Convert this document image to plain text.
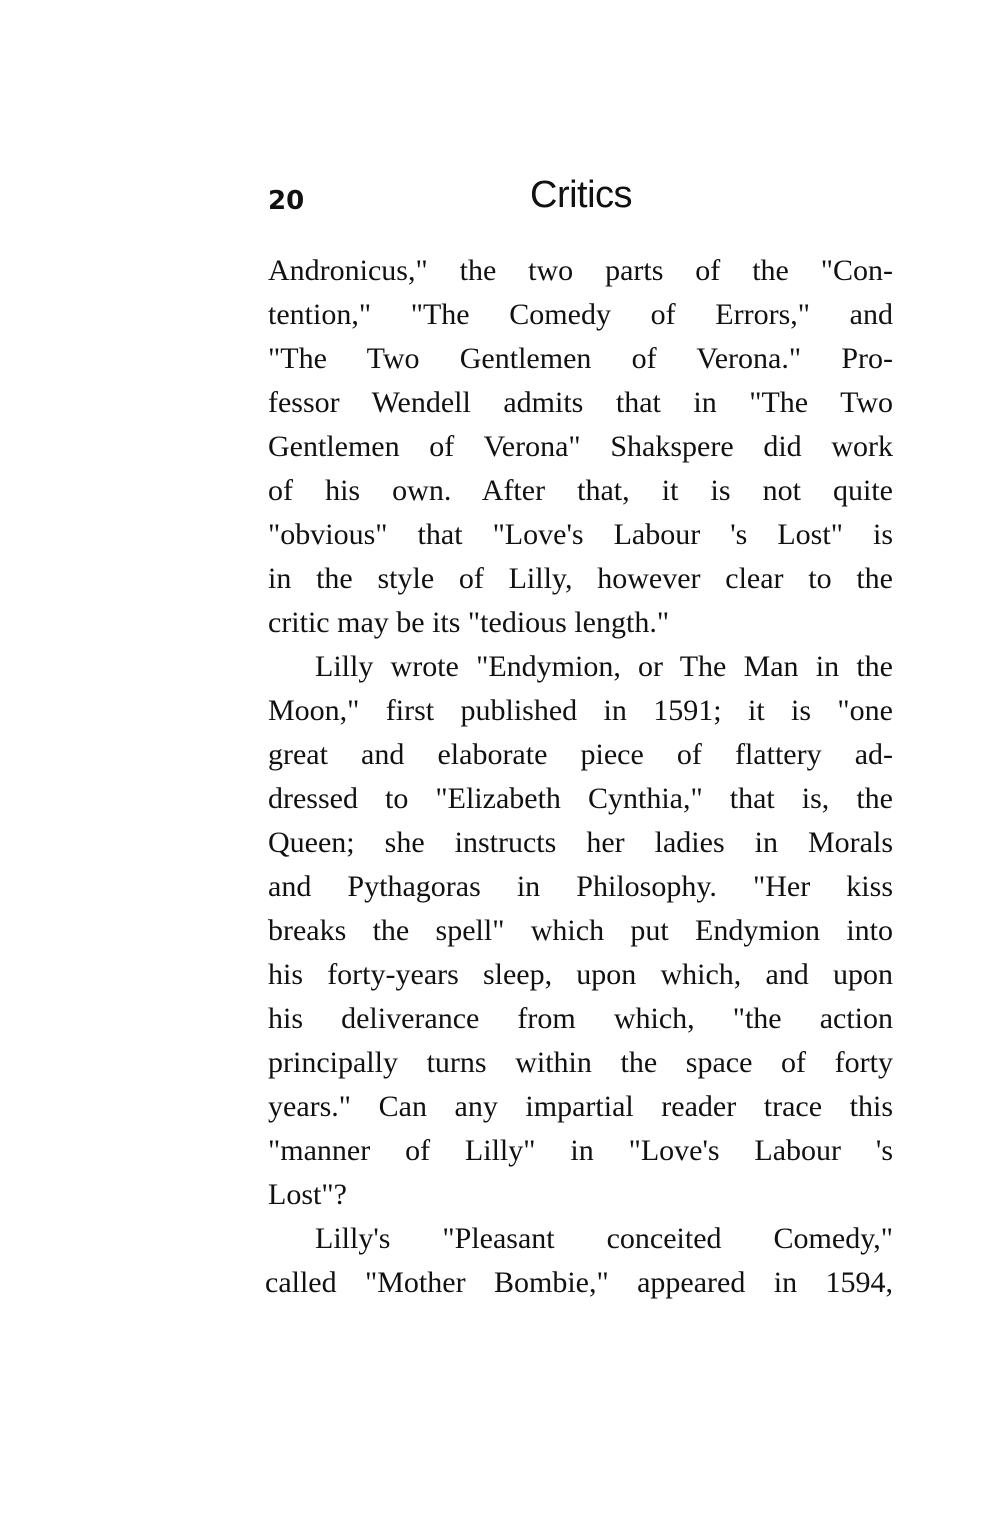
20	Critics
Andronicus," the two parts of the "Con-
tention," "The Comedy of Errors," and
"The Two Gentlemen of Verona." Pro-
fessor Wendell admits that in "The Two
Gentlemen of Verona" Shakspere did work
of his own. After that, it is not quite
"obvious" that "Love's Labour 's Lost" is
in the style of Lilly, however clear to the
critic may be its "tedious length."
Lilly wrote "Endymion, or The Man in the
Moon," first published in 1591; it is "one
great and elaborate piece of flattery ad-
dressed to "Elizabeth Cynthia," that is, the
Queen; she instructs her ladies in Morals
and Pythagoras in Philosophy. "Her kiss
breaks the spell" which put Endymion into
his forty-years sleep, upon which, and upon
his deliverance from which, "the action
principally turns within the space of forty
years." Can any impartial reader trace this
"manner of Lilly" in "Love's Labour 's
Lost"?
Lilly's "Pleasant conceited Comedy,"
called "Mother Bombie," appeared in 1594,
